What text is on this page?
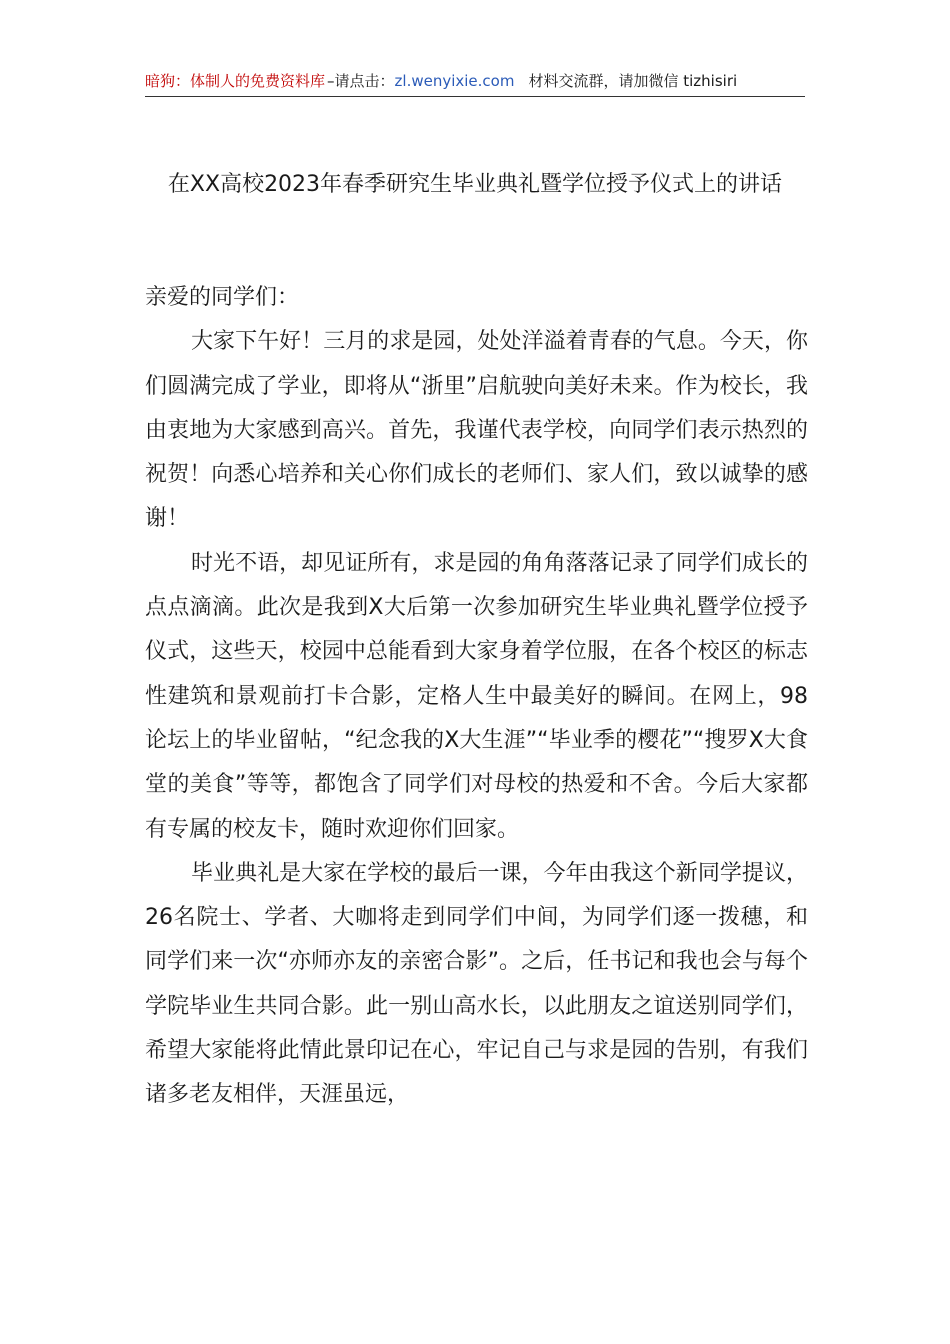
暗狗：体制人的免费资料库 –请点击：zl.wenyixie.com 材料交流群，请加微信 tizhisiri
在XX高校2023年春季研究生毕业典礼暨学位授予仪式上的讲话

亲爱的同学们：

大家下午好！三月的求是园，处处洋溢着青春的气息。今天，你们圆满完成了学业，即将从“浙里”启航驶向美好未来。作为校长，我由衷地为大家感到高兴。首先，我谨代表学校，向同学们表示热烈的祝贺！向悉心培养和关心你们成长的老师们、家人们，致以诚挚的感谢！

时光不语，却见证所有，求是园的角角落落记录了同学们成长的点点滴滴。此次是我到X大后第一次参加研究生毕业典礼暨学位授予仪式，这些天，校园中总能看到大家身着学位服，在各个校区的标志性建筑和景观前打卡合影，定格人生中最美好的瞬间。在网上，98论坛上的毕业留帖，“纪念我的X大生涯”“毕业季的樱花”“搜罗X大食堂的美食”等等，都饱含了同学们对母校的热爱和不舍。今后大家都有专属的校友卡，随时欢迎你们回家。

毕业典礼是大家在学校的最后一课，今年由我这个新同学提议，26名院士、学者、大咖将走到同学们中间，为同学们逐一拨穗，和同学们来一次“亦师亦友的亲密合影”。之后，任书记和我也会与每个学院毕业生共同合影。此一别山高水长，以此朋友之谊送别同学们，希望大家能将此情此景印记在心，牢记自己与求是园的告别，有我们诸多老友相伴，天涯虽远，
